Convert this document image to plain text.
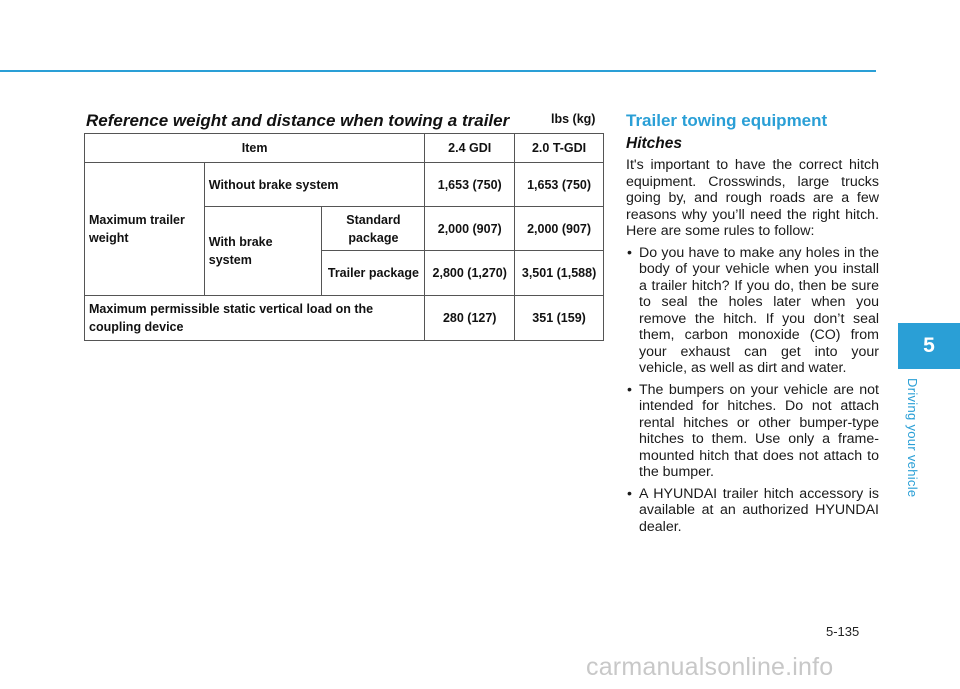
Reference weight and distance when towing a trailer	lbs (kg)
Item			2.4 GDI	2.0 T-GDI
Maximum trailer weight	Without brake system		1,653 (750)	1,653 (750)
	With brake system	Standard package	2,000 (907)	2,000 (907)
		Trailer package	2,800 (1,270)	3,501 (1,588)
Maximum permissible static vertical load on the coupling device			280 (127)	351 (159)
Trailer towing equipment
Hitches

It's important to have the correct hitch equipment. Crosswinds, large trucks going by, and rough roads are a few reasons why you’ll need the right hitch. Here are some rules to follow:

• Do you have to make any holes in the body of your vehicle when you install a trailer hitch? If you do, then be sure to seal the holes later when you remove the hitch. If you don’t seal them, carbon monoxide (CO) from your exhaust can get into your vehicle, as well as dirt and water.
• The bumpers on your vehicle are not intended for hitches. Do not attach rental hitches or other bumper-type hitches to them. Use only a frame-mounted hitch that does not attach to the bumper.
• A HYUNDAI trailer hitch accessory is available at an authorized HYUNDAI dealer.
5
Driving your vehicle
5-135
carmanualsonline.info
